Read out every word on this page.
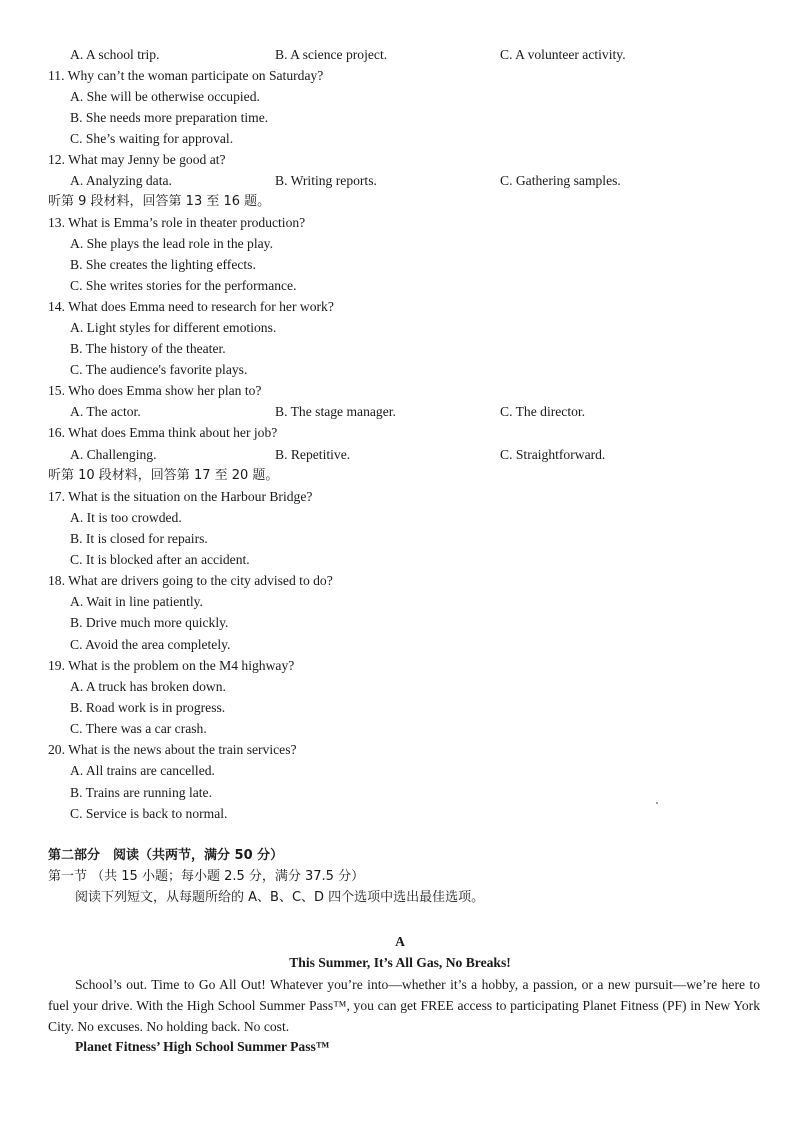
A. A school trip.	B. A science project.	C. A volunteer activity.
11. Why can’t the woman participate on Saturday?
A. She will be otherwise occupied.
B. She needs more preparation time.
C. She’s waiting for approval.
12. What may Jenny be good at?
A. Analyzing data.	B. Writing reports.	C. Gathering samples.
听第 9 段材料，回答第 13 至 16 题。
13. What is Emma’s role in theater production?
A. She plays the lead role in the play.
B. She creates the lighting effects.
C. She writes stories for the performance.
14. What does Emma need to research for her work?
A. Light styles for different emotions.
B. The history of the theater.
C. The audience's favorite plays.
15. Who does Emma show her plan to?
A. The actor.	B. The stage manager.	C. The director.
16. What does Emma think about her job?
A. Challenging.	B. Repetitive.	C. Straightforward.
听第 10 段材料，回答第 17 至 20 题。
17. What is the situation on the Harbour Bridge?
A. It is too crowded.
B. It is closed for repairs.
C. It is blocked after an accident.
18. What are drivers going to the city advised to do?
A. Wait in line patiently.
B. Drive much more quickly.
C. Avoid the area completely.
19. What is the problem on the M4 highway?
A. A truck has broken down.
B. Road work is in progress.
C. There was a car crash.
20. What is the news about the train services?
A. All trains are cancelled.
B. Trains are running late.
C. Service is back to normal.
第二部分　阅读（共两节，满分 50 分）
第一节 （共 15 小题；每小题 2.5 分，满分 37.5 分）
阅读下列短文，从每题所给的 A、B、C、D 四个选项中选出最佳选项。
A
This Summer, It’s All Gas, No Breaks!

School’s out. Time to Go All Out! Whatever you’re into—whether it’s a hobby, a passion, or a new pursuit—we’re here to fuel your drive. With the High School Summer Pass™, you can get FREE access to participating Planet Fitness (PF) in New York City. No excuses. No holding back. No cost.

Planet Fitness’ High School Summer Pass™
